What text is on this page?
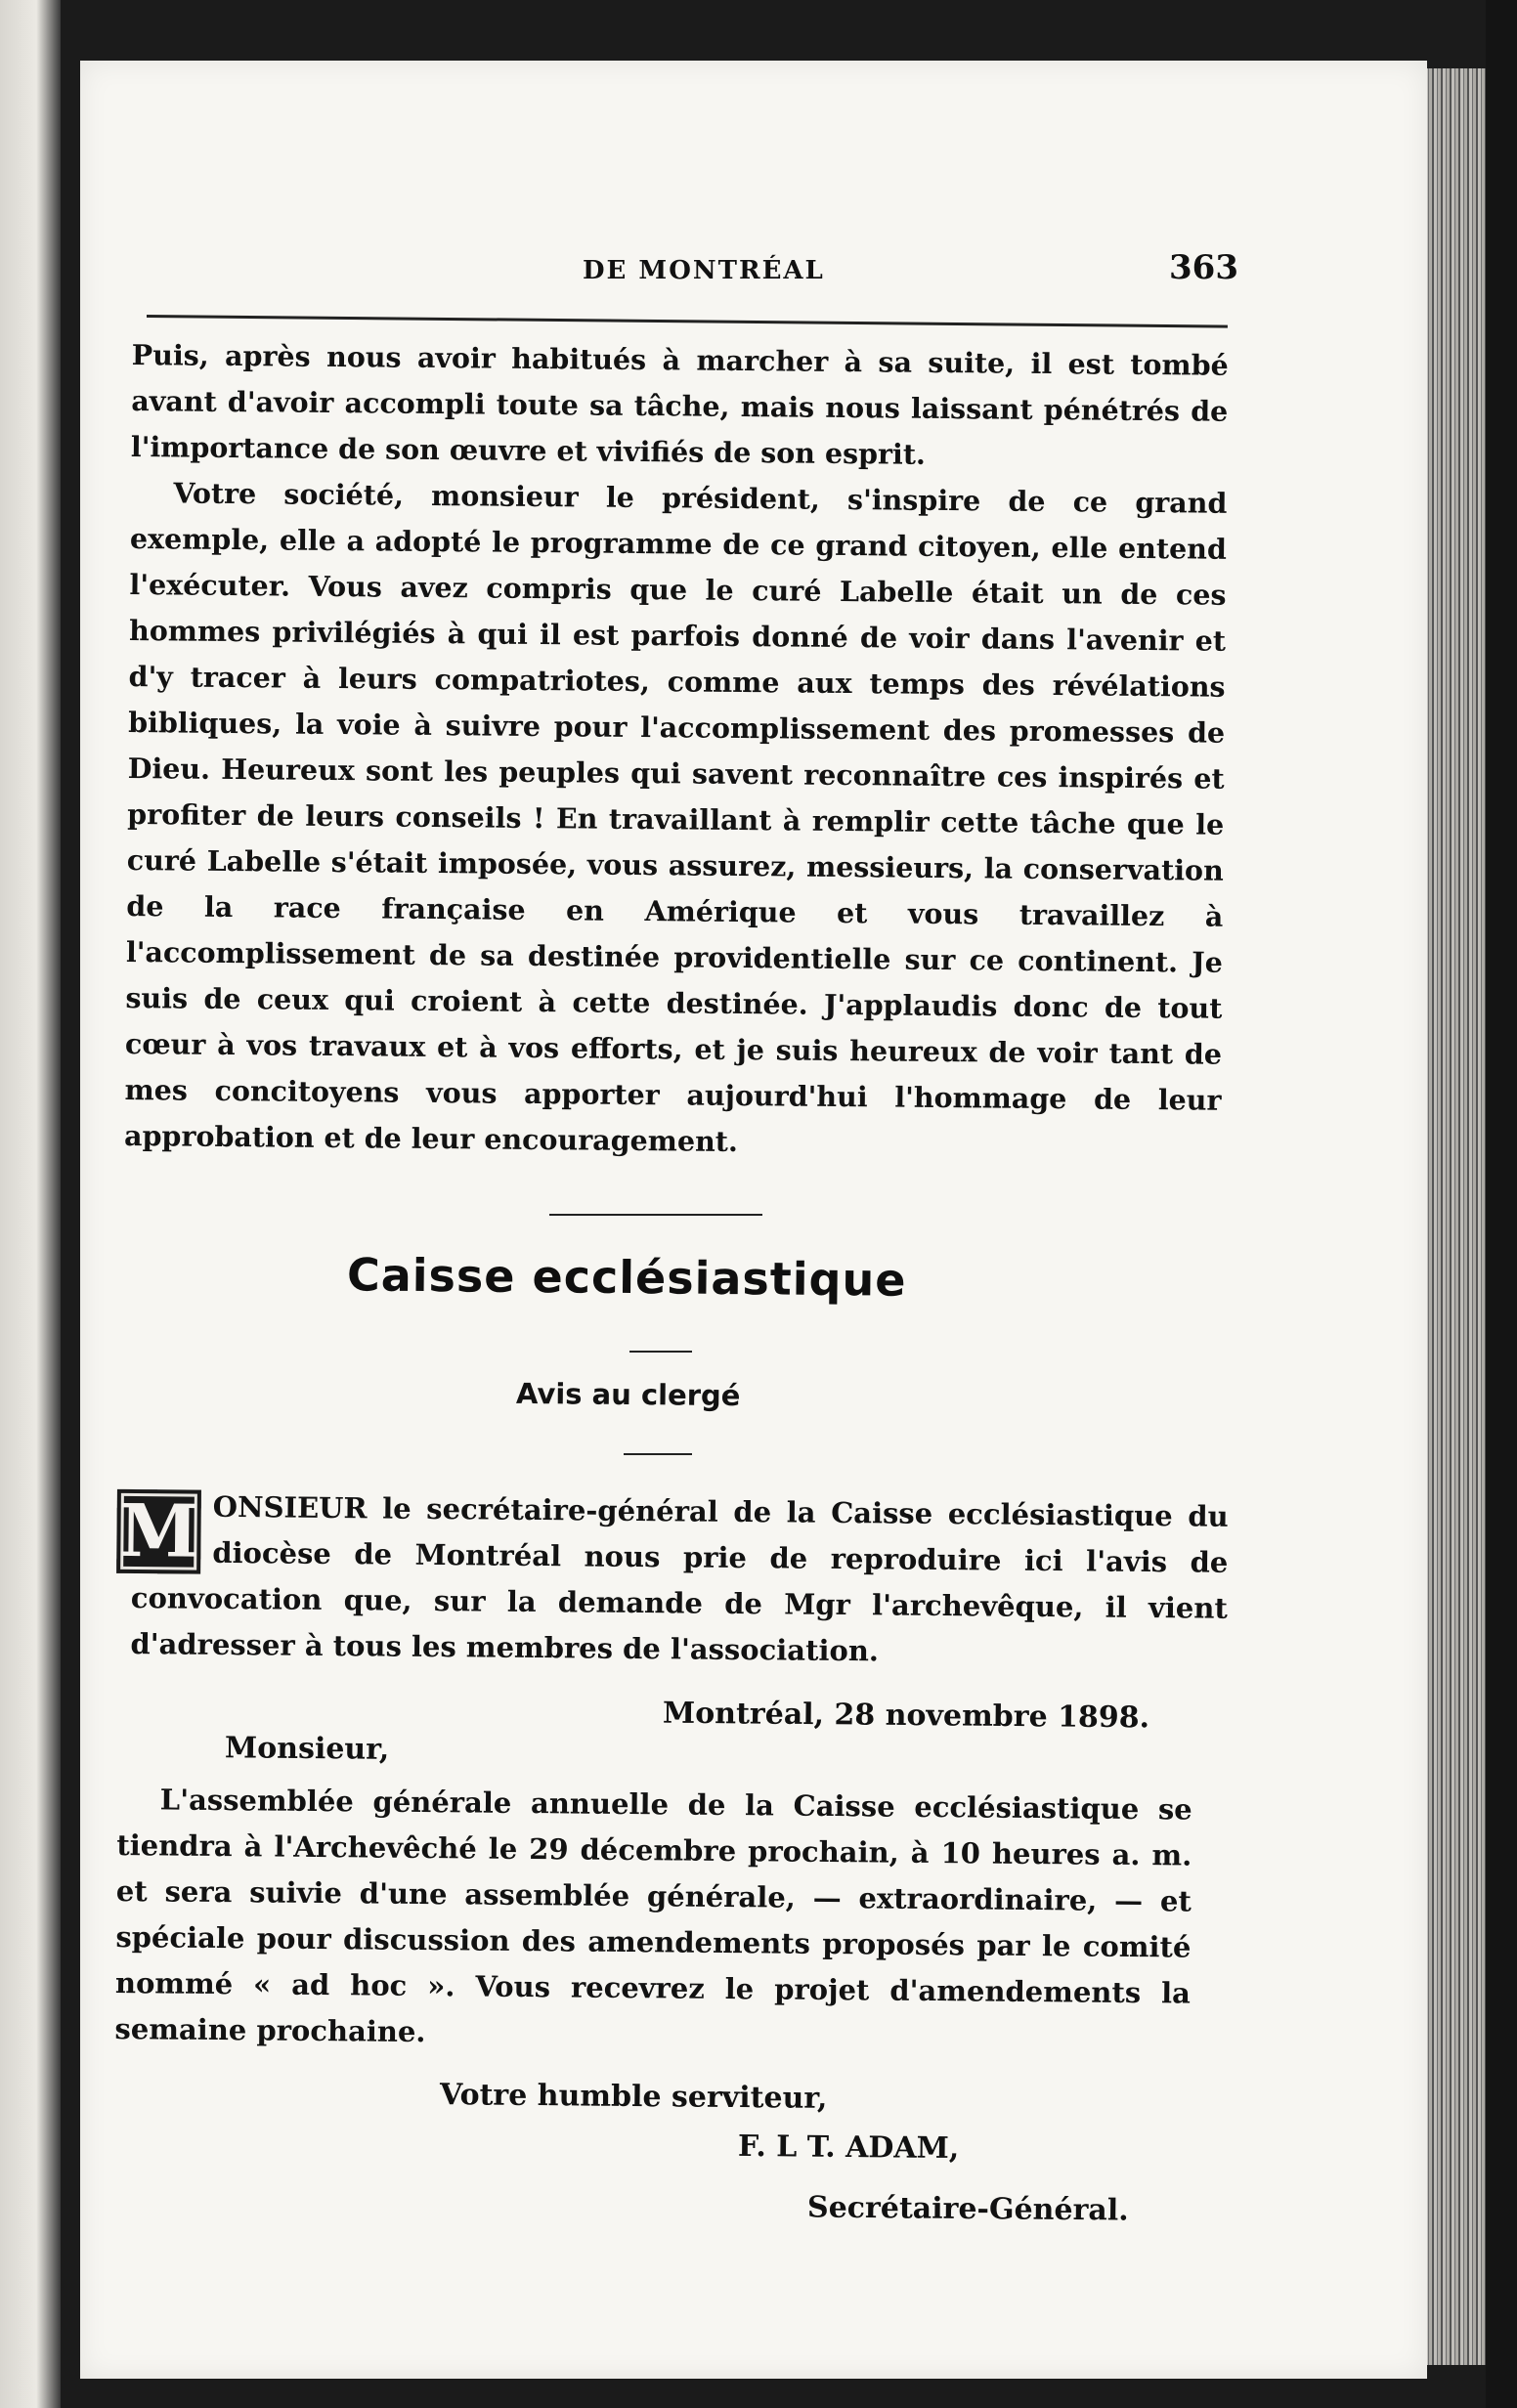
DE MONTRÉAL	363

Puis, après nous avoir habitués à marcher à sa suite, il est tombé avant d'avoir accompli toute sa tâche, mais nous laissant pénétrés de l'importance de son œuvre et vivifiés de son esprit.

Votre société, monsieur le président, s'inspire de ce grand exemple, elle a adopté le programme de ce grand citoyen, elle entend l'exécuter. Vous avez compris que le curé Labelle était un de ces hommes privilégiés à qui il est parfois donné de voir dans l'avenir et d'y tracer à leurs compatriotes, comme aux temps des révélations bibliques, la voie à suivre pour l'accomplissement des promesses de Dieu. Heureux sont les peuples qui savent reconnaître ces inspirés et profiter de leurs conseils ! En travaillant à remplir cette tâche que le curé Labelle s'était imposée, vous assurez, messieurs, la conservation de la race française en Amérique et vous travaillez à l'accomplissement de sa destinée providentielle sur ce continent. Je suis de ceux qui croient à cette destinée. J'applaudis donc de tout cœur à vos travaux et à vos efforts, et je suis heureux de voir tant de mes concitoyens vous apporter aujourd'hui l'hommage de leur approbation et de leur encouragement.

Caisse ecclésiastique
Avis au clergé
M ONSIEUR le secrétaire-général de la Caisse ecclésiastique du diocèse de Montréal nous prie de reproduire ici l'avis de convocation que, sur la demande de Mgr l'archevêque, il vient d'adresser à tous les membres de l'association.

Montréal, 28 novembre 1898.
Monsieur,

L'assemblée générale annuelle de la Caisse ecclésiastique se tiendra à l'Archevêché le 29 décembre prochain, à 10 heures a. m. et sera suivie d'une assemblée générale, — extraordinaire, — et spéciale pour discussion des amendements proposés par le comité nommé « ad hoc ». Vous recevrez le projet d'amendements la semaine prochaine.

Votre humble serviteur,
F. L T. ADAM,
Secrétaire-Général.
